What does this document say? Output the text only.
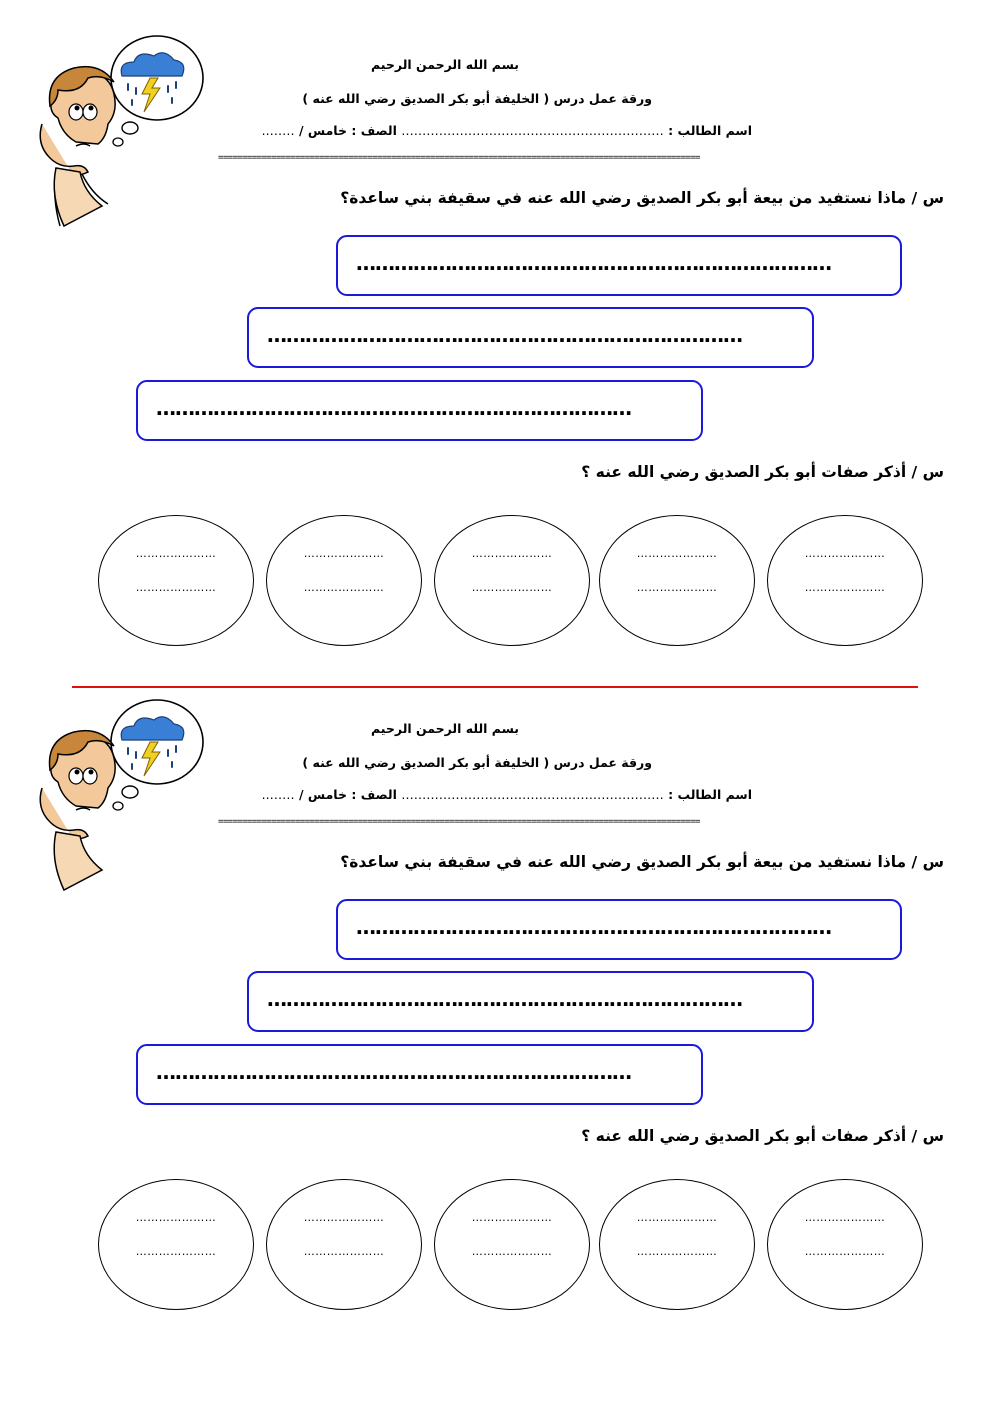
بسم الله الرحمن الرحيم
ورقة عمل درس ( الخليفة أبو بكر الصديق رضي الله عنه )
اسم الطالب : ……………………………………………………… الصف : خامس / ……..
====================================================================================================
س / ماذا نستفيد من بيعة أبو بكر الصديق رضي الله عنه في سقيفة بني ساعدة؟
…………………………………………………………………
…………………………………………………………………
…………………………………………………………………
س / أذكر صفات أبو بكر الصديق رضي الله عنه ؟
…………………
…………………
…………………
…………………
…………………
…………………
…………………
…………………
…………………
…………………
بسم الله الرحمن الرحيم
ورقة عمل درس ( الخليفة أبو بكر الصديق رضي الله عنه )
اسم الطالب : ……………………………………………………… الصف : خامس / ……..
====================================================================================================
س / ماذا نستفيد من بيعة أبو بكر الصديق رضي الله عنه في سقيفة بني ساعدة؟
…………………………………………………………………
…………………………………………………………………
…………………………………………………………………
س / أذكر صفات أبو بكر الصديق رضي الله عنه ؟
…………………
…………………
…………………
…………………
…………………
…………………
…………………
…………………
…………………
…………………
